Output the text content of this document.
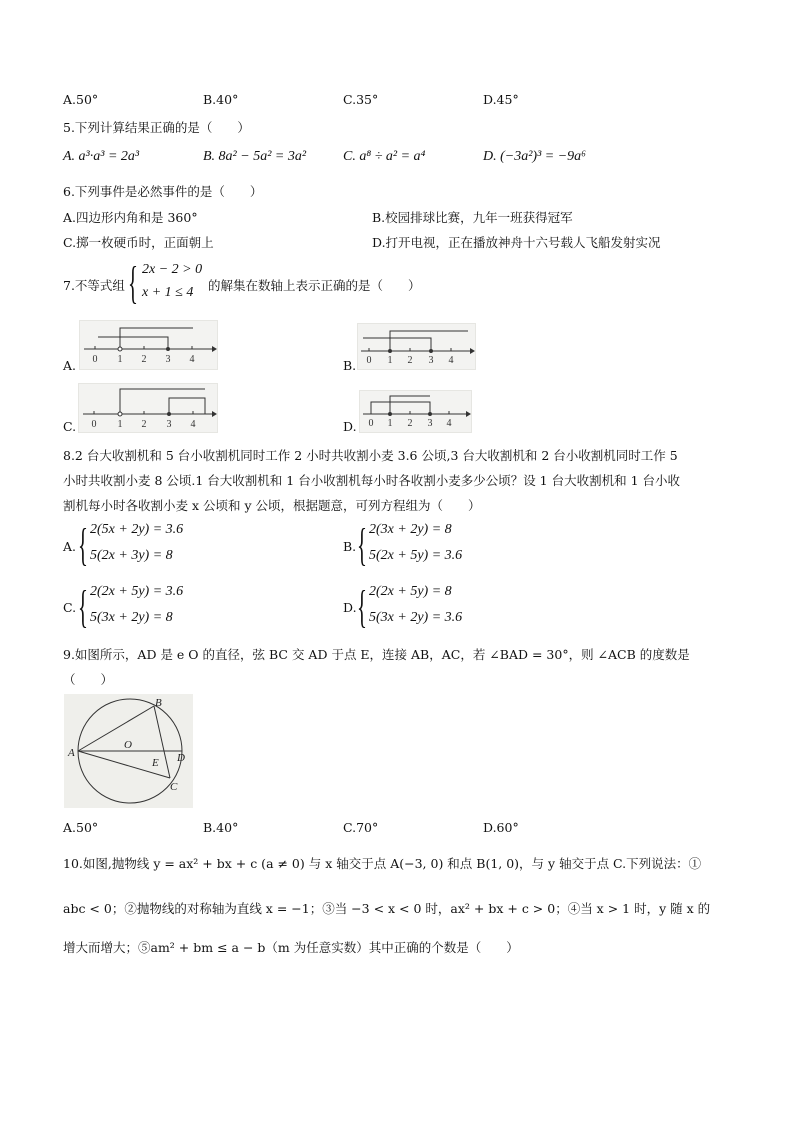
A.50°	B.40°	C.35°	D.45°
5.下列计算结果正确的是（　　）
A. a³·a³ = 2a³	B. 8a² − 5a² = 3a²	C. a⁸ ÷ a² = a⁴	D. (−3a²)³ = −9a⁶
6.下列事件是必然事件的是（　　）
A.四边形内角和是 360°	B.校园排球比赛，九年一班获得冠军
C.掷一枚硬币时，正面朝上	D.打开电视，正在播放神舟十六号载人飞船发射实况
7.不等式组 { 2x − 2 > 0
x + 1 ≤ 4 的解集在数轴上表示正确的是（　　）
A. 0 1 2 3 4	B. 0 1 2 3 4
C. 0 1 2 3 4	D. 0 1 2 3 4
8.2 台大收割机和 5 台小收割机同时工作 2 小时共收割小麦 3.6 公顷,3 台大收割机和 2 台小收割机同时工作 5
小时共收割小麦 8 公顷.1 台大收割机和 1 台小收割机每小时各收割小麦多少公顷？设 1 台大收割机和 1 台小收
割机每小时各收割小麦 x 公顷和 y 公顷，根据题意，可列方程组为（　　）
A. { 2(5x + 2y) = 3.6
5(2x + 3y) = 8
B. { 2(3x + 2y) = 8
5(2x + 5y) = 3.6
C. { 2(2x + 5y) = 3.6
5(3x + 2y) = 8
D. { 2(2x + 5y) = 8
5(3x + 2y) = 3.6
9.如图所示，AD 是 e O 的直径，弦 BC 交 AD 于点 E，连接 AB，AC，若 ∠BAD = 30°，则 ∠ACB 的度数是
（　　）
A
B
C
D
E
O
A.50°	B.40°	C.70°	D.60°
10.如图,抛物线 y = ax² + bx + c (a ≠ 0) 与 x 轴交于点 A(−3, 0) 和点 B(1, 0)，与 y 轴交于点 C.下列说法：①
abc < 0；②抛物线的对称轴为直线 x = −1；③当 −3 < x < 0 时，ax² + bx + c > 0；④当 x > 1 时，y 随 x 的
增大而增大；⑤am² + bm ≤ a − b（m 为任意实数）其中正确的个数是（　　）
